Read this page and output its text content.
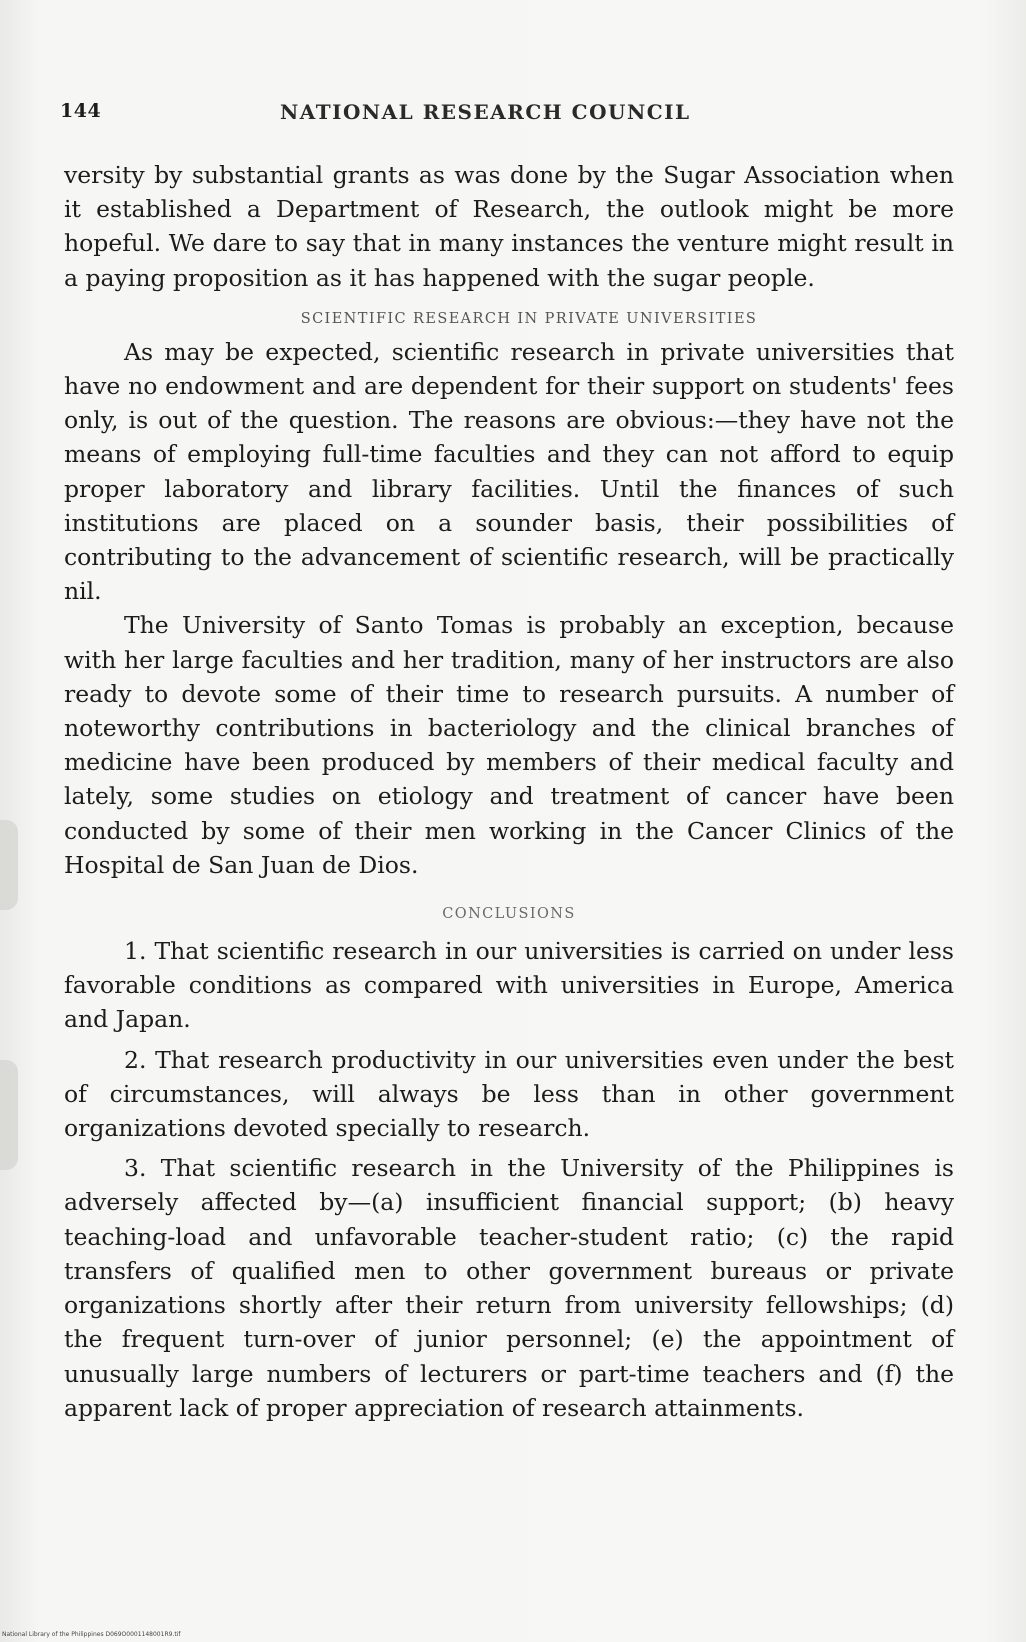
144	NATIONAL RESEARCH COUNCIL

versity by substantial grants as was done by the Sugar Association when it established a Department of Research, the outlook might be more hopeful. We dare to say that in many instances the venture might result in a paying proposition as it has happened with the sugar people.

SCIENTIFIC RESEARCH IN PRIVATE UNIVERSITIES

As may be expected, scientific research in private universities that have no endowment and are dependent for their support on students' fees only, is out of the question. The reasons are obvious:—they have not the means of employing full-time faculties and they can not afford to equip proper laboratory and library facilities. Until the finances of such institutions are placed on a sounder basis, their possibilities of contributing to the advancement of scientific research, will be practically nil.

The University of Santo Tomas is probably an exception, because with her large faculties and her tradition, many of her instructors are also ready to devote some of their time to research pursuits. A number of noteworthy contributions in bacteriology and the clinical branches of medicine have been produced by members of their medical faculty and lately, some studies on etiology and treatment of cancer have been conducted by some of their men working in the Cancer Clinics of the Hospital de San Juan de Dios.

CONCLUSIONS

1. That scientific research in our universities is carried on under less favorable conditions as compared with universities in Europe, America and Japan.

2. That research productivity in our universities even under the best of circumstances, will always be less than in other government organizations devoted specially to research.

3. That scientific research in the University of the Philippines is adversely affected by—(a) insufficient financial support; (b) heavy teaching-load and unfavorable teacher-student ratio; (c) the rapid transfers of qualified men to other government bureaus or private organizations shortly after their return from university fellowships; (d) the frequent turn-over of junior personnel; (e) the appointment of unusually large numbers of lecturers or part-time teachers and (f) the apparent lack of proper appreciation of research attainments.

National Library of the Philippines D069O0001148001R9.tif
